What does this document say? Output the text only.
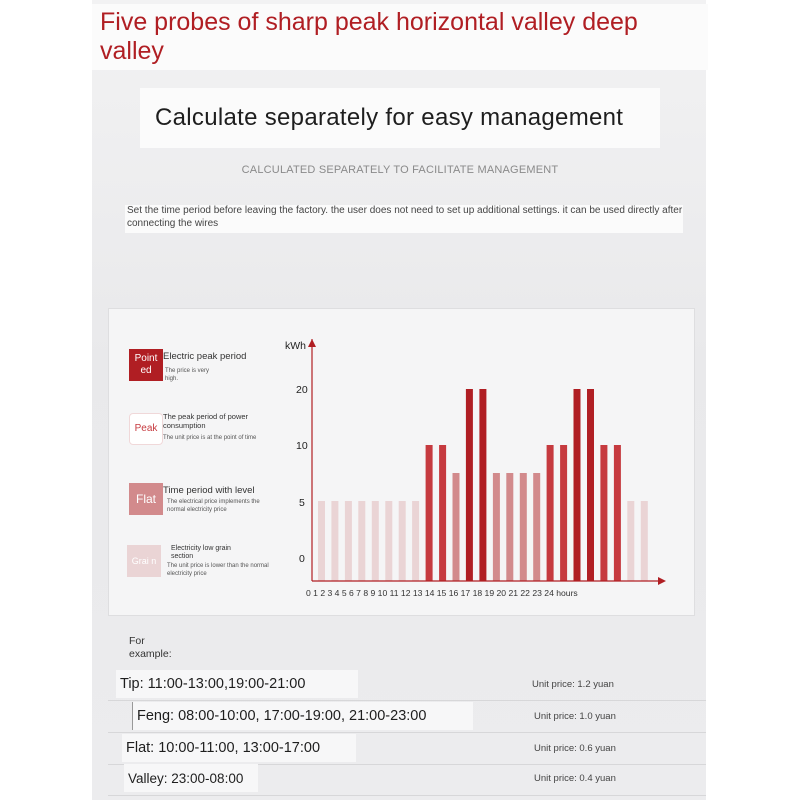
Five probes of sharp peak horizontal valley deep valley
Calculate separately for easy management
CALCULATED SEPARATELY TO FACILITATE MANAGEMENT
Set the time period before leaving the factory. the user does not need to set up additional settings. it can be used directly after connecting the wires
Point ed
Electric peak period
The price is very high.
Peak
The peak period of power consumption
The unit price is at the point of time
Flat
Time period with level
The electrical price implements the normal electricity price
Grai n
Electricity low grain section
The unit price is lower than the normal electricity price
kWh
0
5
10
20
0 1 2 3 4 5 6 7 8 9 10 11 12 13 14 15 16 17 18 19 20 21 22 23 24 hours
For example:
Tip: 11:00-13:00,19:00-21:00	Unit price: 1.2 yuan
Feng: 08:00-10:00, 17:00-19:00, 21:00-23:00	Unit price: 1.0 yuan
Flat: 10:00-11:00, 13:00-17:00	Unit price: 0.6 yuan
Valley: 23:00-08:00	Unit price: 0.4 yuan
